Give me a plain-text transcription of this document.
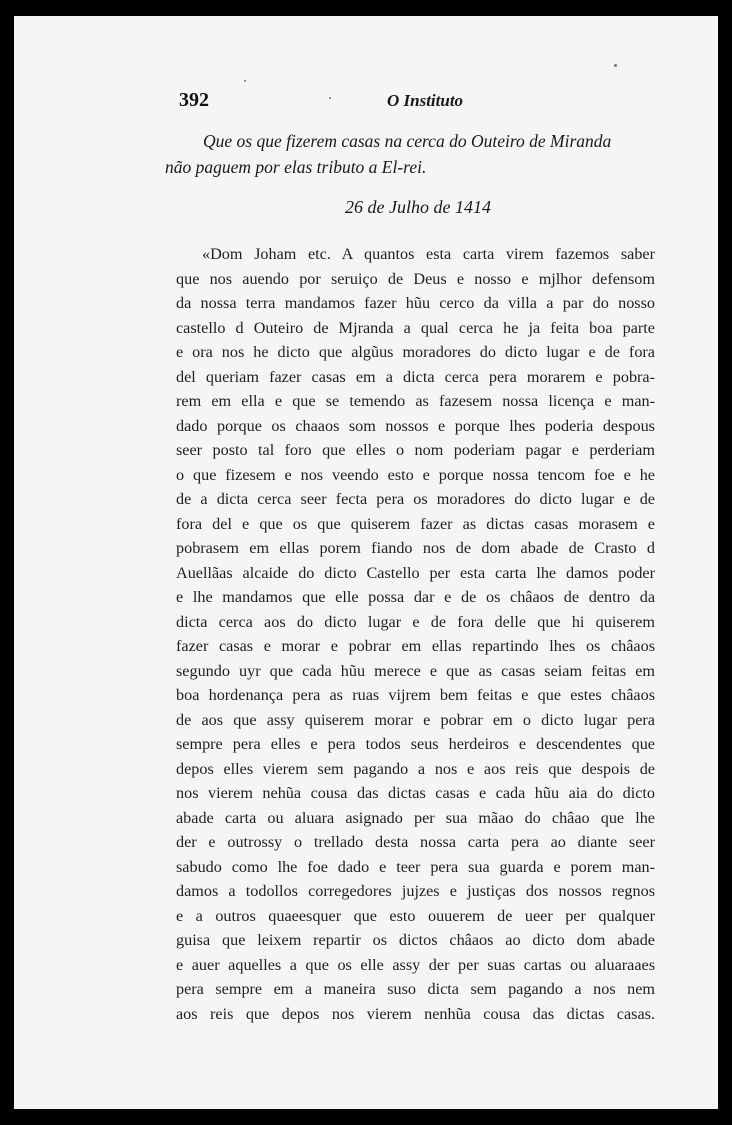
392	O Instituto
Que os que fizerem casas na cerca do Outeiro de Miranda
não paguem por elas tributo a El-rei.
26 de Julho de 1414
«Dom Joham etc. A quantos esta carta virem fazemos saber
que nos auendo por seruiço de Deus e nosso e mjlhor defensom
da nossa terra mandamos fazer hũu cerco da villa a par do nosso
castello d Outeiro de Mjranda a qual cerca he ja feita boa parte
e ora nos he dicto que algũus moradores do dicto lugar e de fora
del queriam fazer casas em a dicta cerca pera morarem e pobra-
rem em ella e que se temendo as fazesem nossa licença e man-
dado porque os chaaos som nossos e porque lhes poderia despous
seer posto tal foro que elles o nom poderiam pagar e perderiam
o que fizesem e nos veendo esto e porque nossa tencom foe e he
de a dicta cerca seer fecta pera os moradores do dicto lugar e de
fora del e que os que quiserem fazer as dictas casas morasem e
pobrasem em ellas porem fiando nos de dom abade de Crasto d
Auellãas alcaide do dicto Castello per esta carta lhe damos poder
e lhe mandamos que elle possa dar e de os châaos de dentro da
dicta cerca aos do dicto lugar e de fora delle que hi quiserem
fazer casas e morar e pobrar em ellas repartindo lhes os châaos
segundo uyr que cada hũu merece e que as casas seiam feitas em
boa hordenança pera as ruas vijrem bem feitas e que estes châaos
de aos que assy quiserem morar e pobrar em o dicto lugar pera
sempre pera elles e pera todos seus herdeiros e descendentes que
depos elles vierem sem pagando a nos e aos reis que despois de
nos vierem nehũa cousa das dictas casas e cada hũu aia do dicto
abade carta ou aluara asignado per sua mãao do châao que lhe
der e outrossy o trellado desta nossa carta pera ao diante seer
sabudo como lhe foe dado e teer pera sua guarda e porem man-
damos a todollos corregedores jujzes e justiças dos nossos regnos
e a outros quaeesquer que esto ouuerem de ueer per qualquer
guisa que leixem repartir os dictos châaos ao dicto dom abade
e auer aquelles a que os elle assy der per suas cartas ou aluaraaes
pera sempre em a maneira suso dicta sem pagando a nos nem
aos reis que depos nos vierem nenhũa cousa das dictas casas.
